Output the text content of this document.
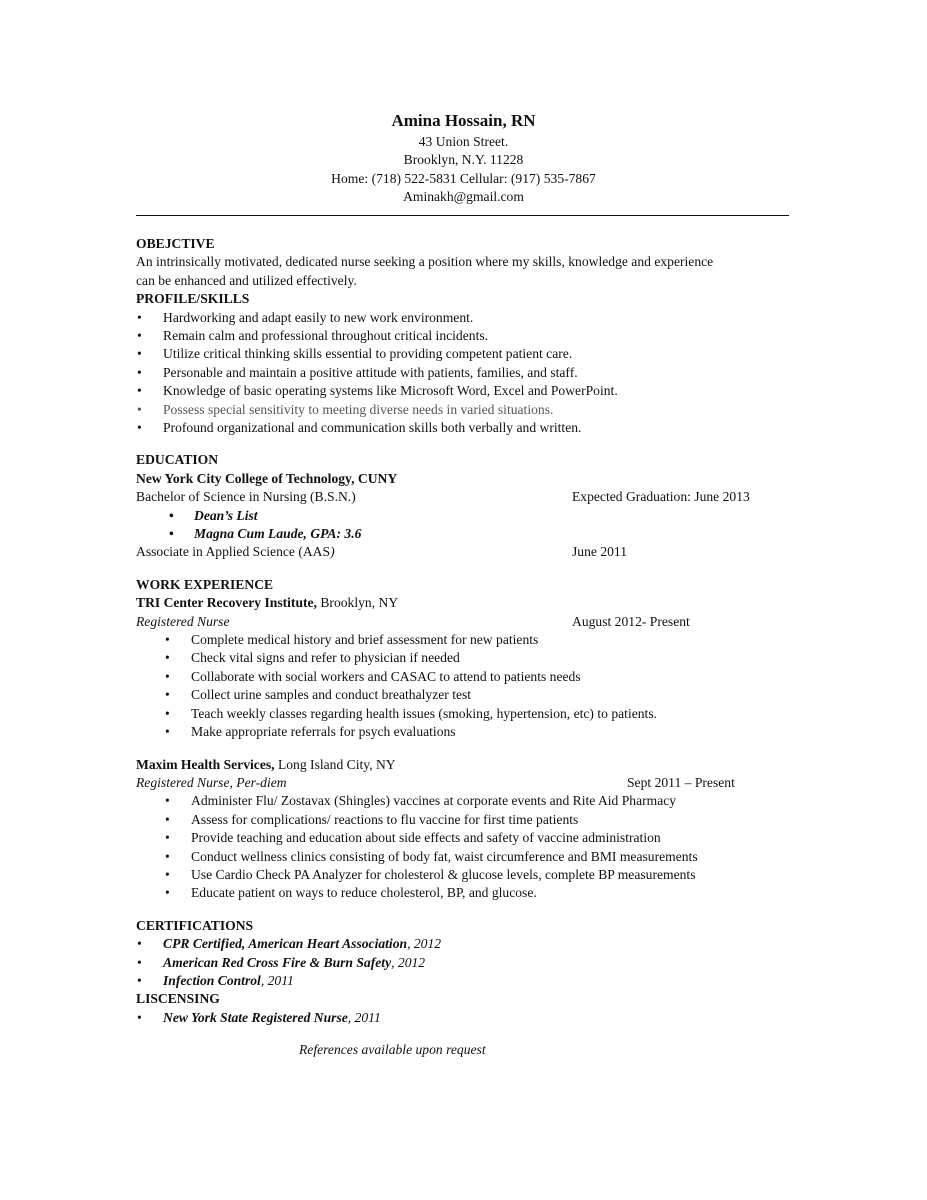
Amina Hossain, RN
43 Union Street.
Brooklyn, N.Y. 11228
Home: (718) 522-5831 Cellular: (917) 535-7867
Aminakh@gmail.com
OBEJCTIVE
An intrinsically motivated, dedicated nurse seeking a position where my skills, knowledge and experience
can be enhanced and utilized effectively.
PROFILE/SKILLS
• Hardworking and adapt easily to new work environment.
• Remain calm and professional throughout critical incidents.
• Utilize critical thinking skills essential to providing competent patient care.
• Personable and maintain a positive attitude with patients, families, and staff.
• Knowledge of basic operating systems like Microsoft Word, Excel and PowerPoint.
• Possess special sensitivity to meeting diverse needs in varied situations.
• Profound organizational and communication skills both verbally and written.
EDUCATION
New York City College of Technology, CUNY
Bachelor of Science in Nursing (B.S.N.)	Expected Graduation: June 2013
• Dean’s List
• Magna Cum Laude, GPA: 3.6
Associate in Applied Science (AAS)	June 2011
WORK EXPERIENCE
TRI Center Recovery Institute, Brooklyn, NY
Registered Nurse	August 2012- Present
• Complete medical history and brief assessment for new patients
• Check vital signs and refer to physician if needed
• Collaborate with social workers and CASAC to attend to patients needs
• Collect urine samples and conduct breathalyzer test
• Teach weekly classes regarding health issues (smoking, hypertension, etc) to patients.
• Make appropriate referrals for psych evaluations
Maxim Health Services, Long Island City, NY
Registered Nurse, Per-diem	Sept 2011 – Present
• Administer Flu/ Zostavax (Shingles) vaccines at corporate events and Rite Aid Pharmacy
• Assess for complications/ reactions to flu vaccine for first time patients
• Provide teaching and education about side effects and safety of vaccine administration
• Conduct wellness clinics consisting of body fat, waist circumference and BMI measurements
• Use Cardio Check PA Analyzer for cholesterol & glucose levels, complete BP measurements
• Educate patient on ways to reduce cholesterol, BP, and glucose.
CERTIFICATIONS
• CPR Certified, American Heart Association, 2012
• American Red Cross Fire & Burn Safety, 2012
• Infection Control, 2011
LISCENSING
• New York State Registered Nurse, 2011
References available upon request
